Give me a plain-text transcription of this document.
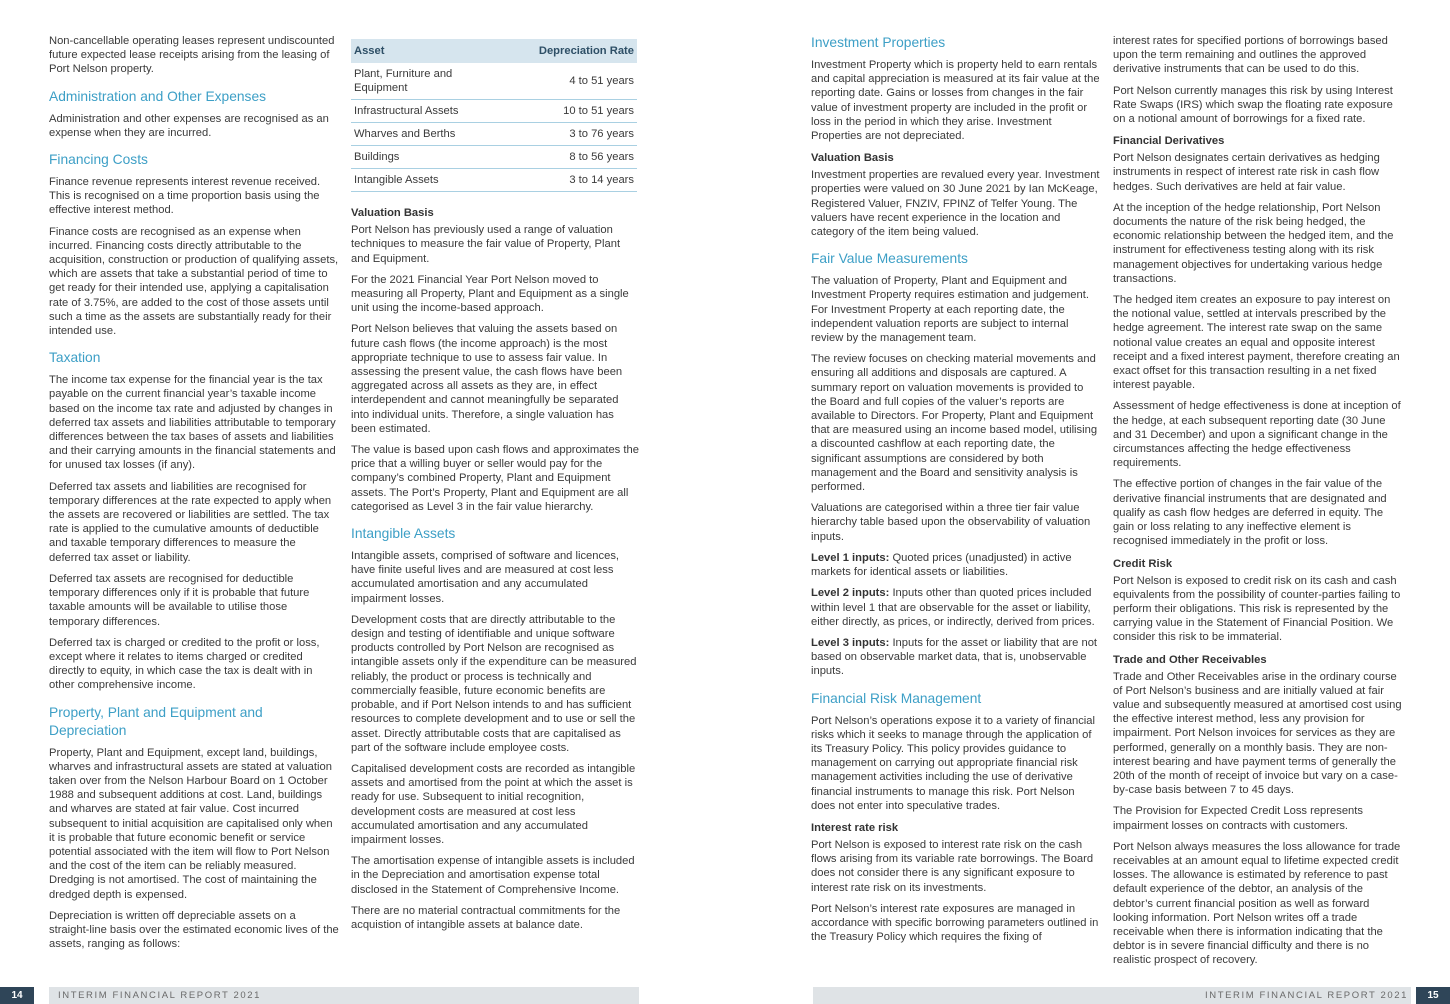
Non-cancellable operating leases represent undiscounted future expected lease receipts arising from the leasing of Port Nelson property.

Administration and Other Expenses

Administration and other expenses are recognised as an expense when they are incurred.

Financing Costs

Finance revenue represents interest revenue received. This is recognised on a time proportion basis using the effective interest method.

Finance costs are recognised as an expense when incurred. Financing costs directly attributable to the acquisition, construction or production of qualifying assets, which are assets that take a substantial period of time to get ready for their intended use, applying a capitalisation rate of 3.75%, are added to the cost of those assets until such a time as the assets are substantially ready for their intended use.

Taxation

The income tax expense for the financial year is the tax payable on the current financial year’s taxable income based on the income tax rate and adjusted by changes in deferred tax assets and liabilities attributable to temporary differences between the tax bases of assets and liabilities and their carrying amounts in the financial statements and for unused tax losses (if any).

Deferred tax assets and liabilities are recognised for temporary differences at the rate expected to apply when the assets are recovered or liabilities are settled. The tax rate is applied to the cumulative amounts of deductible and taxable temporary differences to measure the deferred tax asset or liability.

Deferred tax assets are recognised for deductible temporary differences only if it is probable that future taxable amounts will be available to utilise those temporary differences.

Deferred tax is charged or credited to the profit or loss, except where it relates to items charged or credited directly to equity, in which case the tax is dealt with in other comprehensive income.

Property, Plant and Equipment and Depreciation

Property, Plant and Equipment, except land, buildings, wharves and infrastructural assets are stated at valuation taken over from the Nelson Harbour Board on 1 October 1988 and subsequent additions at cost. Land, buildings and wharves are stated at fair value. Cost incurred subsequent to initial acquisition are capitalised only when it is probable that future economic benefit or service potential associated with the item will flow to Port Nelson and the cost of the item can be reliably measured. Dredging is not amortised. The cost of maintaining the dredged depth is expensed.

Depreciation is written off depreciable assets on a straight-line basis over the estimated economic lives of the assets, ranging as follows:

Asset	Depreciation Rate
Plant, Furniture and Equipment	4 to 51 years
Infrastructural Assets	10 to 51 years
Wharves and Berths	3 to 76 years
Buildings	8 to 56 years
Intangible Assets	3 to 14 years
Valuation Basis

Port Nelson has previously used a range of valuation techniques to measure the fair value of Property, Plant and Equipment.

For the 2021 Financial Year Port Nelson moved to measuring all Property, Plant and Equipment as a single unit using the income-based approach.

Port Nelson believes that valuing the assets based on future cash flows (the income approach) is the most appropriate technique to use to assess fair value. In assessing the present value, the cash flows have been aggregated across all assets as they are, in effect interdependent and cannot meaningfully be separated into individual units. Therefore, a single valuation has been estimated.

The value is based upon cash flows and approximates the price that a willing buyer or seller would pay for the company’s combined Property, Plant and Equipment assets. The Port’s Property, Plant and Equipment are all categorised as Level 3 in the fair value hierarchy.

Intangible Assets

Intangible assets, comprised of software and licences, have finite useful lives and are measured at cost less accumulated amortisation and any accumulated impairment losses.

Development costs that are directly attributable to the design and testing of identifiable and unique software products controlled by Port Nelson are recognised as intangible assets only if the expenditure can be measured reliably, the product or process is technically and commercially feasible, future economic benefits are probable, and if Port Nelson intends to and has sufficient resources to complete development and to use or sell the asset. Directly attributable costs that are capitalised as part of the software include employee costs.

Capitalised development costs are recorded as intangible assets and amortised from the point at which the asset is ready for use. Subsequent to initial recognition, development costs are measured at cost less accumulated amortisation and any accumulated impairment losses.

The amortisation expense of intangible assets is included in the Depreciation and amortisation expense total disclosed in the Statement of Comprehensive Income.

There are no material contractual commitments for the acquistion of intangible assets at balance date.

Investment Properties

Investment Property which is property held to earn rentals and capital appreciation is measured at its fair value at the reporting date. Gains or losses from changes in the fair value of investment property are included in the profit or loss in the period in which they arise. Investment Properties are not depreciated.

Valuation Basis

Investment properties are revalued every year. Investment properties were valued on 30 June 2021 by Ian McKeage, Registered Valuer, FNZIV, FPINZ of Telfer Young. The valuers have recent experience in the location and category of the item being valued.

Fair Value Measurements

The valuation of Property, Plant and Equipment and Investment Property requires estimation and judgement. For Investment Property at each reporting date, the independent valuation reports are subject to internal review by the management team.

The review focuses on checking material movements and ensuring all additions and disposals are captured. A summary report on valuation movements is provided to the Board and full copies of the valuer’s reports are available to Directors. For Property, Plant and Equipment that are measured using an income based model, utilising a discounted cashflow at each reporting date, the significant assumptions are considered by both management and the Board and sensitivity analysis is performed.

Valuations are categorised within a three tier fair value hierarchy table based upon the observability of valuation inputs.

Level 1 inputs: Quoted prices (unadjusted) in active markets for identical assets or liabilities.

Level 2 inputs: Inputs other than quoted prices included within level 1 that are observable for the asset or liability, either directly, as prices, or indirectly, derived from prices.

Level 3 inputs: Inputs for the asset or liability that are not based on observable market data, that is, unobservable inputs.

Financial Risk Management

Port Nelson’s operations expose it to a variety of financial risks which it seeks to manage through the application of its Treasury Policy. This policy provides guidance to management on carrying out appropriate financial risk management activities including the use of derivative financial instruments to manage this risk. Port Nelson does not enter into speculative trades.

Interest rate risk

Port Nelson is exposed to interest rate risk on the cash flows arising from its variable rate borrowings. The Board does not consider there is any significant exposure to interest rate risk on its investments.

Port Nelson’s interest rate exposures are managed in accordance with specific borrowing parameters outlined in the Treasury Policy which requires the fixing of

interest rates for specified portions of borrowings based upon the term remaining and outlines the approved derivative instruments that can be used to do this.

Port Nelson currently manages this risk by using Interest Rate Swaps (IRS) which swap the floating rate exposure on a notional amount of borrowings for a fixed rate.

Financial Derivatives

Port Nelson designates certain derivatives as hedging instruments in respect of interest rate risk in cash flow hedges. Such derivatives are held at fair value.

At the inception of the hedge relationship, Port Nelson documents the nature of the risk being hedged, the economic relationship between the hedged item, and the instrument for effectiveness testing along with its risk management objectives for undertaking various hedge transactions.

The hedged item creates an exposure to pay interest on the notional value, settled at intervals prescribed by the hedge agreement. The interest rate swap on the same notional value creates an equal and opposite interest receipt and a fixed interest payment, therefore creating an exact offset for this transaction resulting in a net fixed interest payable.

Assessment of hedge effectiveness is done at inception of the hedge, at each subsequent reporting date (30 June and 31 December) and upon a significant change in the circumstances affecting the hedge effectiveness requirements.

The effective portion of changes in the fair value of the derivative financial instruments that are designated and qualify as cash flow hedges are deferred in equity. The gain or loss relating to any ineffective element is recognised immediately in the profit or loss.

Credit Risk

Port Nelson is exposed to credit risk on its cash and cash equivalents from the possibility of counter-parties failing to perform their obligations. This risk is represented by the carrying value in the Statement of Financial Position. We consider this risk to be immaterial.

Trade and Other Receivables

Trade and Other Receivables arise in the ordinary course of Port Nelson’s business and are initially valued at fair value and subsequently measured at amortised cost using the effective interest method, less any provision for impairment. Port Nelson invoices for services as they are performed, generally on a monthly basis. They are non-interest bearing and have payment terms of generally the 20th of the month of receipt of invoice but vary on a case-by-case basis between 7 to 45 days.

The Provision for Expected Credit Loss represents impairment losses on contracts with customers.

Port Nelson always measures the loss allowance for trade receivables at an amount equal to lifetime expected credit losses. The allowance is estimated by reference to past default experience of the debtor, an analysis of the debtor’s current financial position as well as forward looking information. Port Nelson writes off a trade receivable when there is information indicating that the debtor is in severe financial difficulty and there is no realistic prospect of recovery.

14	INTERIM FINANCIAL REPORT 2021	INTERIM FINANCIAL REPORT 2021	15
